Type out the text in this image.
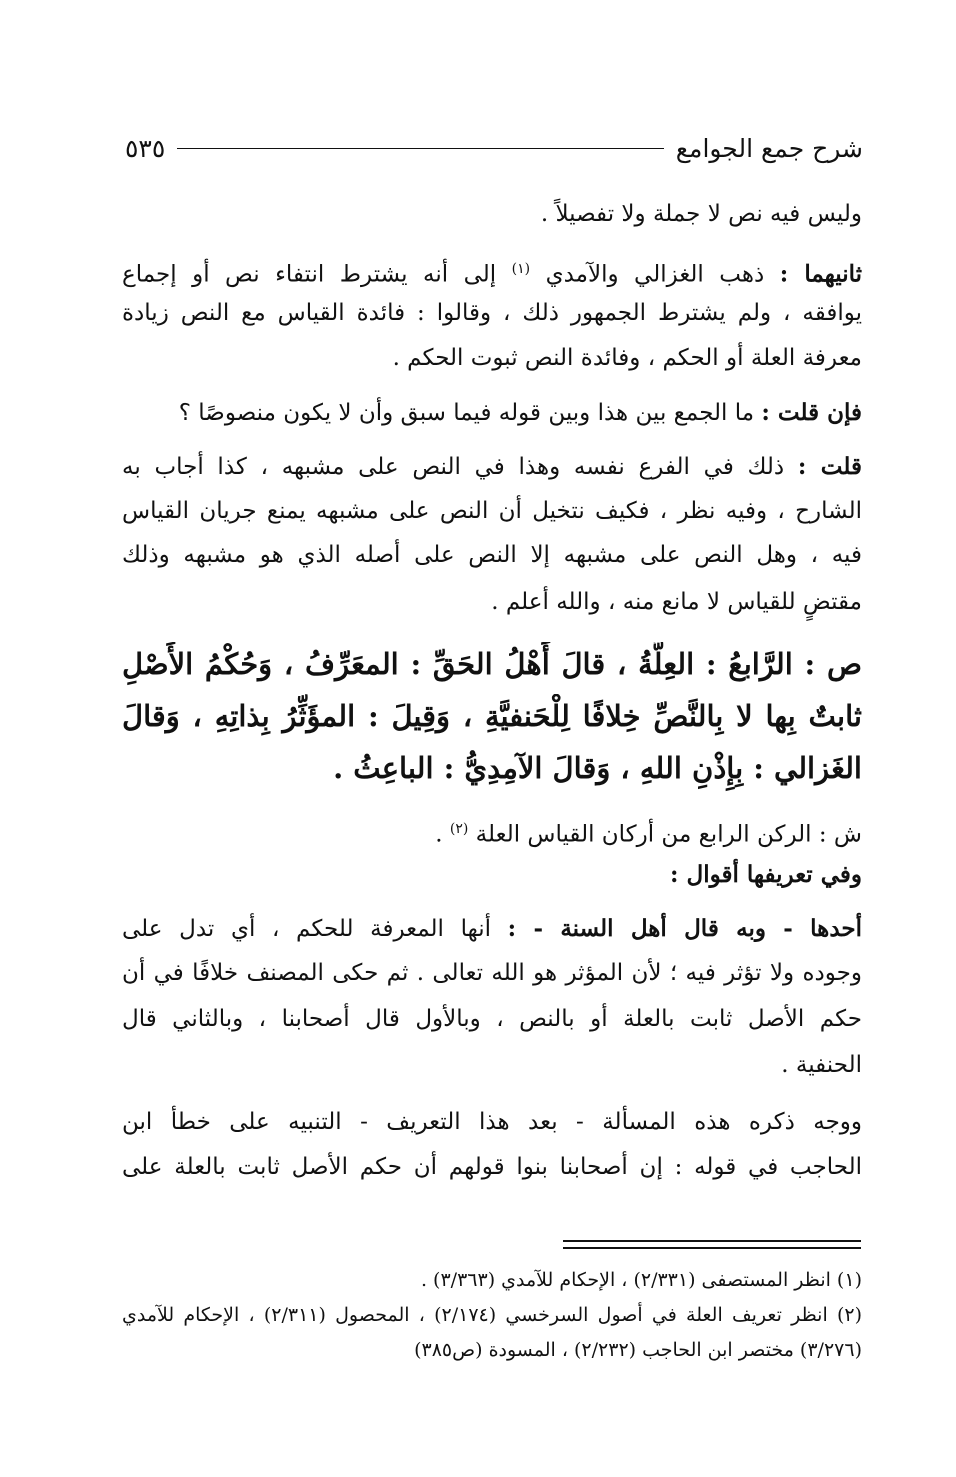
شرح جمع الجوامع
٥٣٥
وليس فيه نص لا جملة ولا تفصيلاً .
ثانيهما : ذهب الغزالي والآمدي $^{(١)}$ إلى أنه يشترط انتفاء نص أو إجماع
يوافقه ، ولم يشترط الجمهور ذلك ، وقالوا : فائدة القياس مع النص زيادة
معرفة العلة أو الحكم ، وفائدة النص ثبوت الحكم .
فإن قلت : ما الجمع بين هذا وبين قوله فيما سبق وأن لا يكون منصوصًا ؟
قلت : ذلك في الفرع نفسه وهذا في النص على مشبهه ، كذا أجاب به
الشارح ، وفيه نظر ، فكيف نتخيل أن النص على مشبهه يمنع جريان القياس
فيه ، وهل النص على مشبهه إلا النص على أصله الذي هو مشبهه وذلك
مقتضٍ للقياس لا مانع منه ، والله أعلم .
ص : الرَّابعُ : العِلَّةُ ، قالَ أَهْلُ الحَقِّ : المعَرِّفُ ، وَحُكْمُ الأَصْلِ
ثابتٌ بِها لا بِالنَّصِّ خِلافًا لِلْحَنفيَّةِ ، وَقِيلَ : المؤَثِّرُ بِذاتِهِ ، وَقالَ
الغَزالي : بِإِذْنِ اللهِ ، وَقالَ الآمِدِيُّ : الباعِثُ .
ش : الركن الرابع من أركان القياس العلة $^{(٢)}$ .
وفي تعريفها أقوال :
أحدها - وبه قال أهل السنة - : أنها المعرفة للحكم ، أي تدل على
وجوده ولا تؤثر فيه ؛ لأن المؤثر هو الله تعالى . ثم حكى المصنف خلافًا في أن
حكم الأصل ثابت بالعلة أو بالنص ، وبالأول قال أصحابنا ، وبالثاني قال
الحنفية .
ووجه ذكره هذه المسألة - بعد هذا التعريف - التنبيه على خطأ ابن
الحاجب في قوله : إن أصحابنا بنوا قولهم أن حكم الأصل ثابت بالعلة على
(١) انظر المستصفى (٢/٣٣١) ، الإحكام للآمدي (٣/٣٦٣) .
(٢) انظر تعريف العلة في أصول السرخسي (٢/١٧٤) ، المحصول (٢/٣١١) ، الإحكام للآمدي
(٣/٢٧٦) مختصر ابن الحاجب (٢/٢٣٢) ، المسودة (ص٣٨٥)
